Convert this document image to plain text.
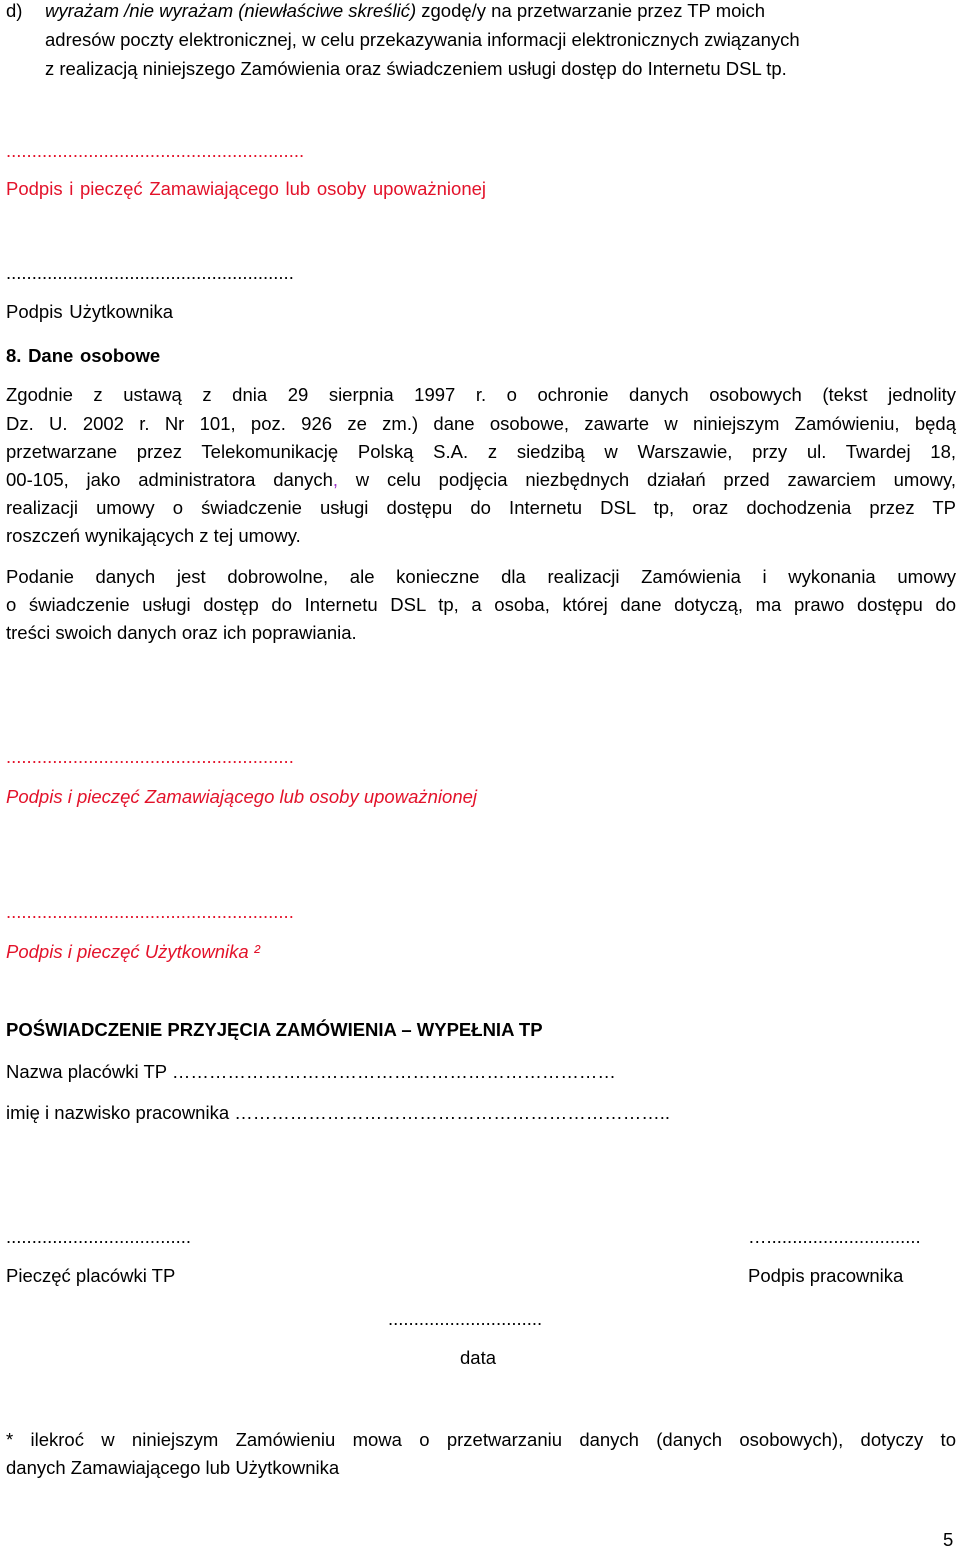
d) wyrażam /nie wyrażam (niewłaściwe skreślić) zgodę/y na przetwarzanie przez TP moich
adresów poczty elektronicznej, w celu przekazywania informacji elektronicznych związanych
z realizacją niniejszego Zamówienia oraz świadczeniem usługi dostęp do Internetu DSL tp.
..........................................................
Podpis i pieczęć Zamawiającego lub osoby upoważnionej
........................................................
Podpis Użytkownika
8. Dane osobowe
Zgodnie z ustawą z dnia 29 sierpnia 1997 r. o ochronie danych osobowych (tekst jednolity
Dz. U. 2002 r. Nr 101, poz. 926 ze zm.) dane osobowe, zawarte w niniejszym Zamówieniu, będą
przetwarzane przez Telekomunikację Polską S.A. z siedzibą w Warszawie, przy ul. Twardej 18,
00-105, jako administratora danych, w celu podjęcia niezbędnych działań przed zawarciem umowy,
realizacji umowy o świadczenie usługi dostępu do Internetu DSL tp, oraz dochodzenia przez TP
roszczeń wynikających z tej umowy.
Podanie danych jest dobrowolne, ale konieczne dla realizacji Zamówienia i wykonania umowy
o świadczenie usługi dostęp do Internetu DSL tp, a osoba, której dane dotyczą, ma prawo dostępu do
treści swoich danych oraz ich poprawiania.
........................................................
Podpis i pieczęć Zamawiającego lub osoby upoważnionej
........................................................
Podpis i pieczęć Użytkownika ²
POŚWIADCZENIE PRZYJĘCIA ZAMÓWIENIA – WYPEŁNIA TP
Nazwa placówki TP ………………………………………………………………
imię i nazwisko pracownika ……………………………………………………………..
....................................
Pieczęć placówki TP
…..............................
Podpis pracownika
..............................
data
* ilekroć w niniejszym Zamówieniu mowa o przetwarzaniu danych (danych osobowych), dotyczy to
danych Zamawiającego lub Użytkownika
5
